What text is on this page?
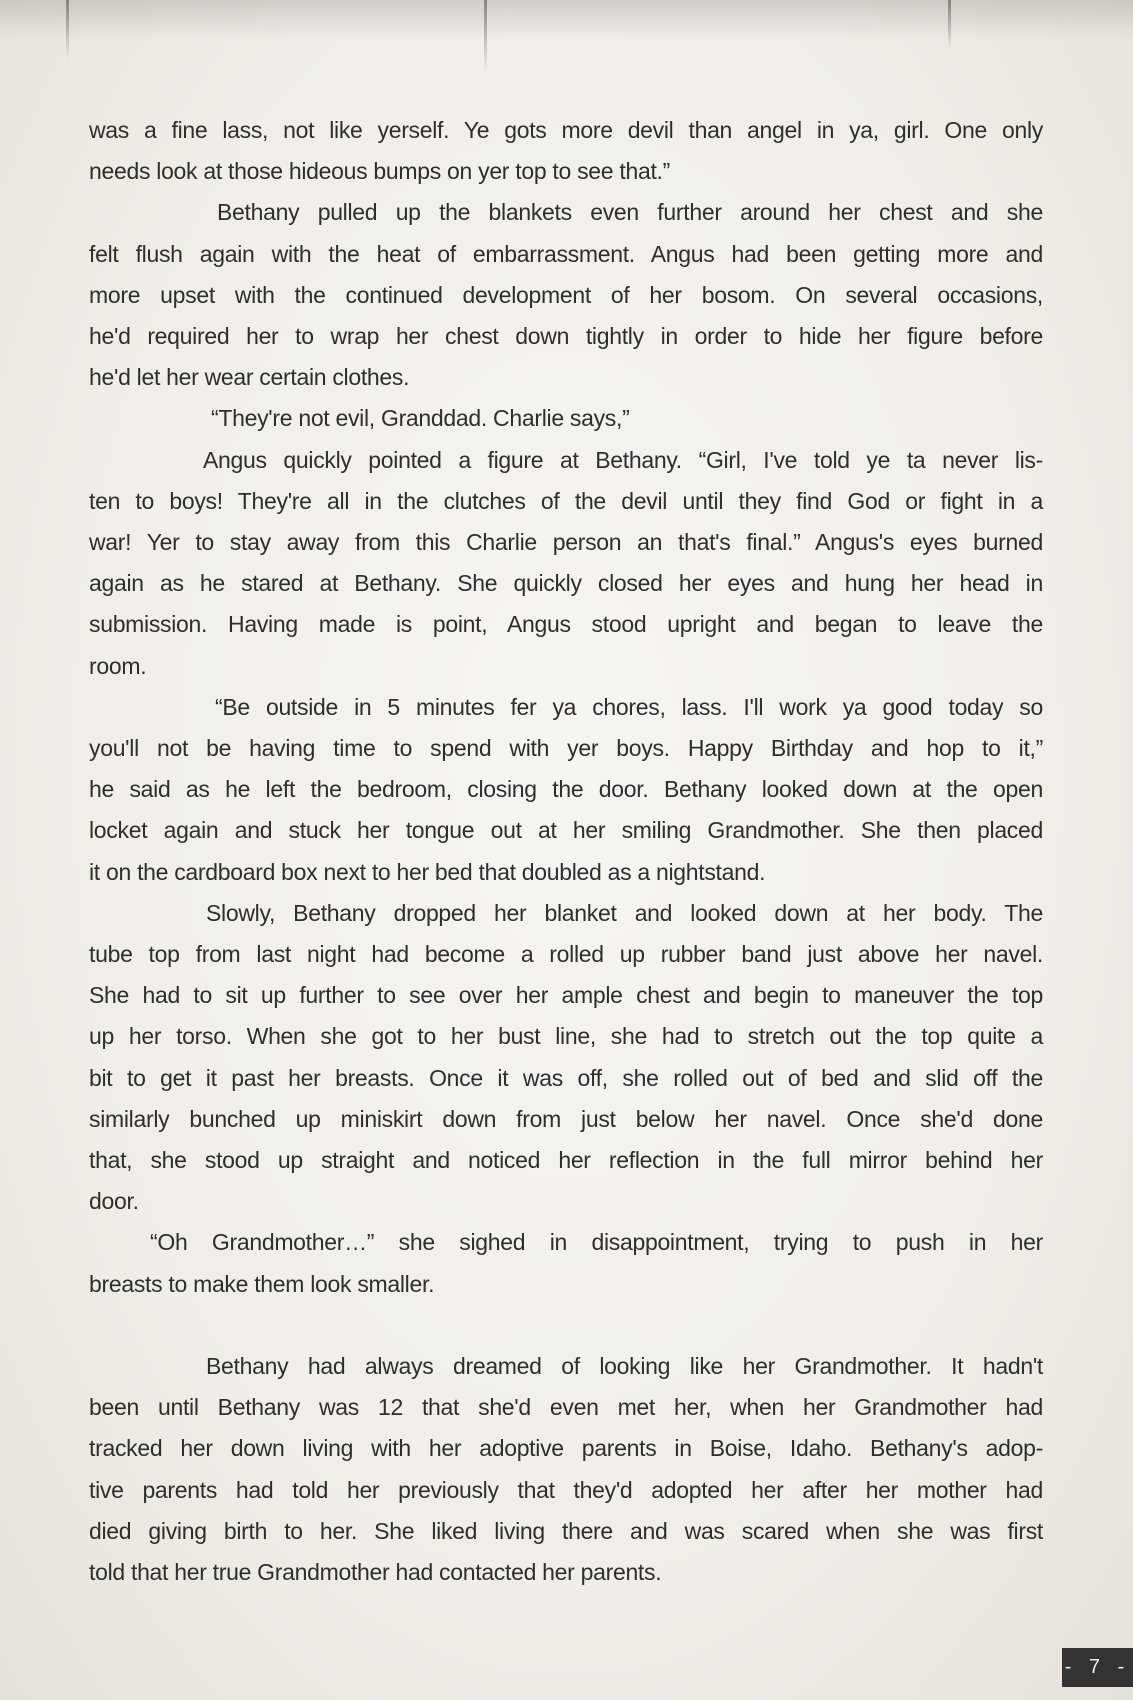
was a fine lass, not like yerself. Ye gots more devil than angel in ya, girl. One only
needs look at those hideous bumps on yer top to see that.”
Bethany pulled up the blankets even further around her chest and she
felt flush again with the heat of embarrassment. Angus had been getting more and
more upset with the continued development of her bosom. On several occasions,
he'd required her to wrap her chest down tightly in order to hide her figure before
he'd let her wear certain clothes.
“They're not evil, Granddad. Charlie says,”
Angus quickly pointed a figure at Bethany. “Girl, I've told ye ta never lis-
ten to boys! They're all in the clutches of the devil until they find God or fight in a
war! Yer to stay away from this Charlie person an that's final.” Angus's eyes burned
again as he stared at Bethany. She quickly closed her eyes and hung her head in
submission. Having made is point, Angus stood upright and began to leave the
room.
“Be outside in 5 minutes fer ya chores, lass. I'll work ya good today so
you'll not be having time to spend with yer boys. Happy Birthday and hop to it,”
he said as he left the bedroom, closing the door. Bethany looked down at the open
locket again and stuck her tongue out at her smiling Grandmother. She then placed
it on the cardboard box next to her bed that doubled as a nightstand.
Slowly, Bethany dropped her blanket and looked down at her body. The
tube top from last night had become a rolled up rubber band just above her navel.
She had to sit up further to see over her ample chest and begin to maneuver the top
up her torso. When she got to her bust line, she had to stretch out the top quite a
bit to get it past her breasts. Once it was off, she rolled out of bed and slid off the
similarly bunched up miniskirt down from just below her navel. Once she'd done
that, she stood up straight and noticed her reflection in the full mirror behind her
door.
“Oh Grandmother…” she sighed in disappointment, trying to push in her
breasts to make them look smaller.
Bethany had always dreamed of looking like her Grandmother. It hadn't
been until Bethany was 12 that she'd even met her, when her Grandmother had
tracked her down living with her adoptive parents in Boise, Idaho. Bethany's adop-
tive parents had told her previously that they'd adopted her after her mother had
died giving birth to her. She liked living there and was scared when she was first
told that her true Grandmother had contacted her parents.
- 7 -
